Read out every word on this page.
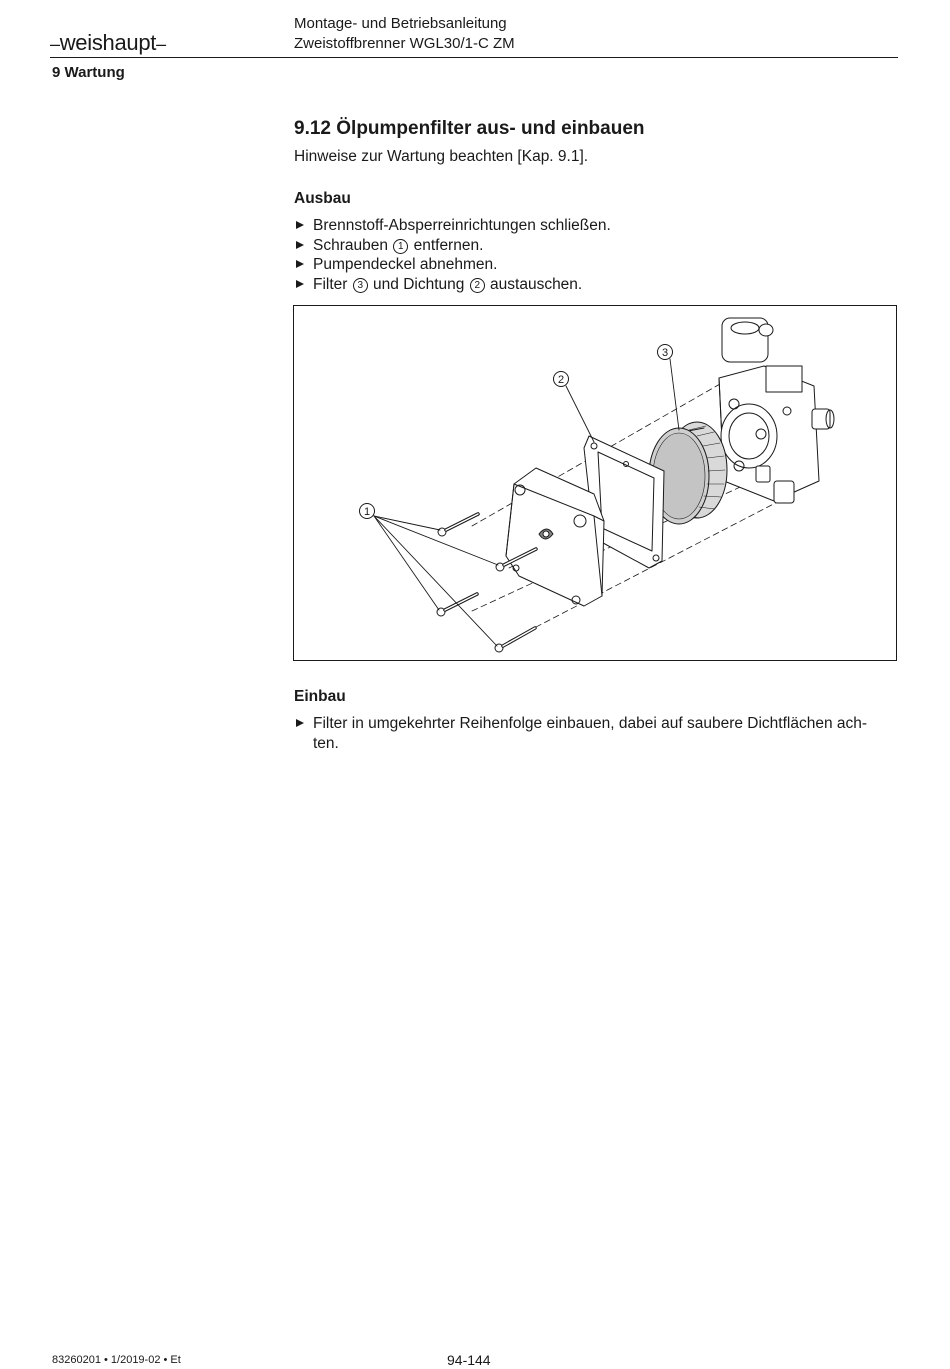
–weishaupt–
Montage- und Betriebsanleitung
Zweistoffbrenner WGL30/1-C ZM
9 Wartung
9.12 Ölpumpenfilter aus- und einbauen
Hinweise zur Wartung beachten [Kap. 9.1].
Ausbau
Brennstoff-Absperreinrichtungen schließen.
Schrauben 1 entfernen.
Pumpendeckel abnehmen.
Filter 3 und Dichtung 2 austauschen.
1
2
3
Einbau
Filter in umgekehrter Reihenfolge einbauen, dabei auf saubere Dichtflächen ach-
ten.
83260201 • 1/2019-02 • Et	94-144
